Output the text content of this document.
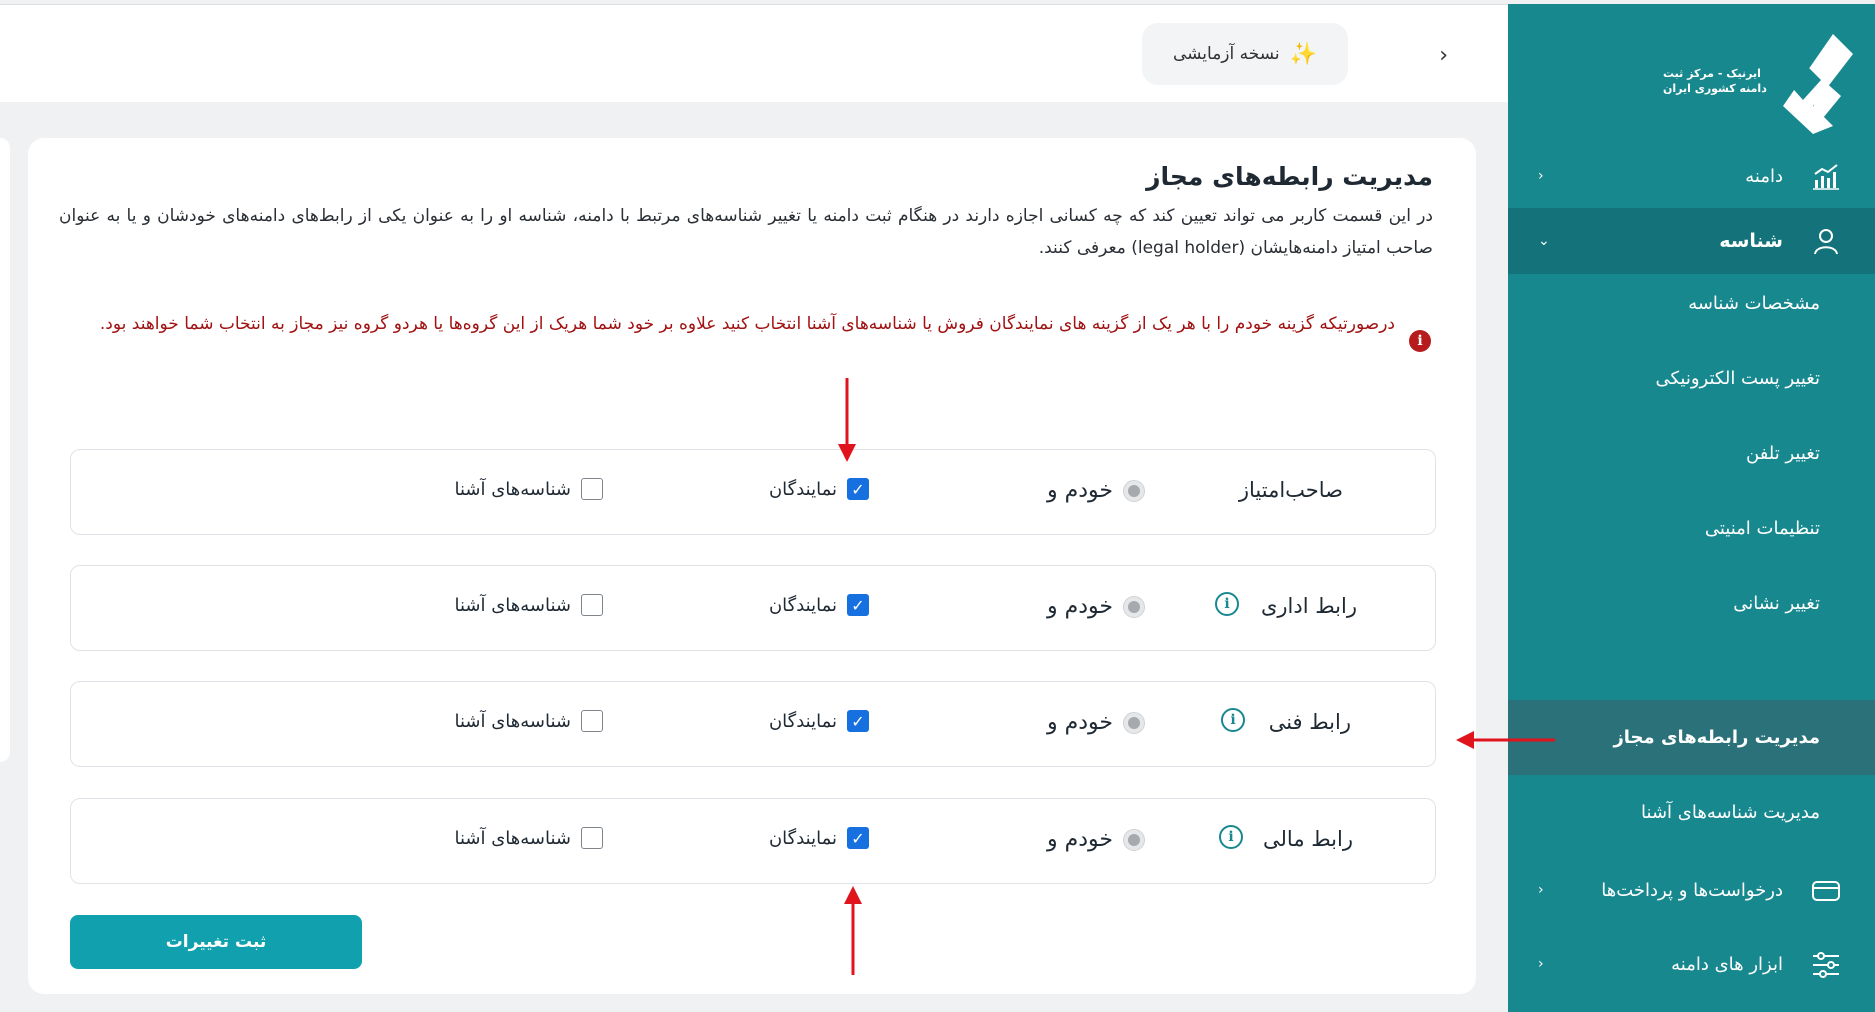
✨
نسخه آزمایشی	‹
ایرنیک - مرکز ثبت
دامنه کشوری ایران
دامنه
‹
شناسه
⌄
مشخصات شناسه
تغییر پست الکترونیکی
تغییر تلفن
تنظیمات امنیتی
تغییر نشانی
مدیریت رابطه‌های مجاز
مدیریت شناسه‌های آشنا
درخواست‌ها و پرداخت‌ها
‹
ابزار های دامنه
‹
مدیریت رابطه‌های مجاز

در این قسمت کاربر می تواند تعیین کند که چه کسانی اجازه دارند در هنگام ثبت دامنه یا تغییر شناسه‌های مرتبط با دامنه، شناسه او را به عنوان یکی از رابط‌های دامنه‌های خودشان و یا به عنوان صاحب امتیاز دامنه‌هایشان (legal holder) معرفی کنند.

i

درصورتیکه گزینه خودم را با هر یک از گزینه های نمایندگان فروش یا شناسه‌های آشنا انتخاب کنید علاوه بر خود شما هریک از این گروه‌ها یا هردو گروه نیز مجاز به انتخاب شما خواهند بود.

صاحب‌امتیاز
خودم و
✓
نمایندگان
شناسه‌های آشنا
رابط اداری
i
خودم و
✓
نمایندگان
شناسه‌های آشنا
رابط فنی
i
خودم و
✓
نمایندگان
شناسه‌های آشنا
رابط مالی
i
خودم و
✓
نمایندگان
شناسه‌های آشنا
ثبت تغییرات
